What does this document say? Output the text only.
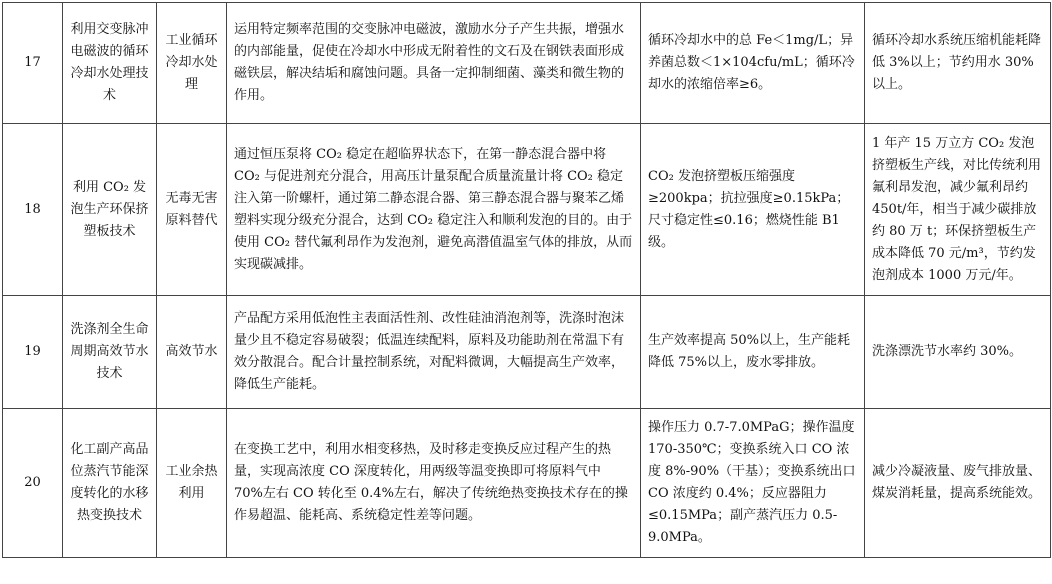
17	利用交变脉冲电磁波的循环冷却水处理技术	工业循环冷却水处理	运用特定频率范围的交变脉冲电磁波，激励水分子产生共振，增强水的内部能量，促使在冷却水中形成无附着性的文石及在钢铁表面形成磁铁层，解决结垢和腐蚀问题。具备一定抑制细菌、藻类和微生物的作用。	循环冷却水中的总 Fe＜1mg/L；异养菌总数＜1×104cfu/mL；循环冷却水的浓缩倍率≥6。	循环冷却水系统压缩机能耗降低 3%以上；节约用水 30%以上。
18	利用 CO₂ 发泡生产环保挤塑板技术	无毒无害原料替代	通过恒压泵将 CO₂ 稳定在超临界状态下，在第一静态混合器中将 CO₂ 与促进剂充分混合，用高压计量泵配合质量流量计将 CO₂ 稳定注入第一阶螺杆，通过第二静态混合器、第三静态混合器与聚苯乙烯塑料实现分级充分混合，达到 CO₂ 稳定注入和顺利发泡的目的。由于使用 CO₂ 替代氟利昂作为发泡剂，避免高潜值温室气体的排放，从而实现碳减排。	CO₂ 发泡挤塑板压缩强度≥200kpa；抗拉强度≥0.15kPa；尺寸稳定性≤0.16；燃烧性能 B1 级。	1 年产 15 万立方 CO₂ 发泡挤塑板生产线，对比传统利用氟利昂发泡，减少氟利昂约 450t/年，相当于减少碳排放约 80 万 t；环保挤塑板生产成本降低 70 元/m³，节约发泡剂成本 1000 万元/年。
19	洗涤剂全生命周期高效节水技术	高效节水	产品配方采用低泡性主表面活性剂、改性硅油消泡剂等，洗涤时泡沫量少且不稳定容易破裂；低温连续配料，原料及功能助剂在常温下有效分散混合。配合计量控制系统，对配料微调，大幅提高生产效率，降低生产能耗。	生产效率提高 50%以上，生产能耗降低 75%以上，废水零排放。	洗涤漂洗节水率约 30%。
20	化工副产高品位蒸汽节能深度转化的水移热变换技术	工业余热利用	在变换工艺中，利用水相变移热，及时移走变换反应过程产生的热量，实现高浓度 CO 深度转化，用两级等温变换即可将原料气中 70%左右 CO 转化至 0.4%左右，解决了传统绝热变换技术存在的操作易超温、能耗高、系统稳定性差等问题。	操作压力 0.7-7.0MPaG；操作温度 170-350℃；变换系统入口 CO 浓度 8%-90%（干基）；变换系统出口 CO 浓度约 0.4%；反应器阻力≤0.15MPa；副产蒸汽压力 0.5-9.0MPa。	减少冷凝液量、废气排放量、煤炭消耗量，提高系统能效。
